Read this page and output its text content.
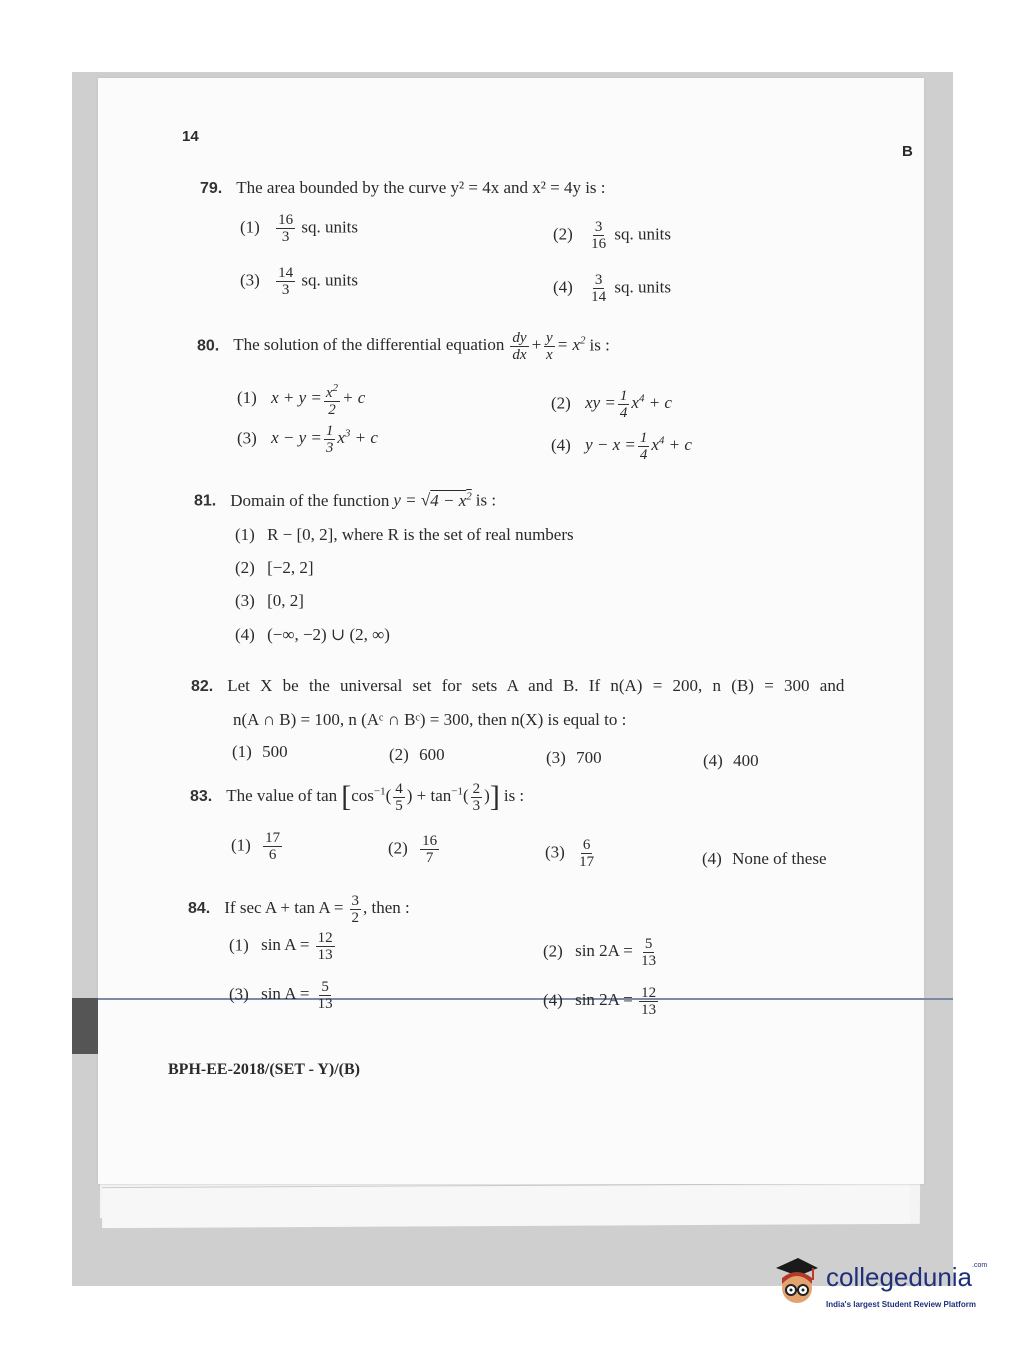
14
B
79. The area bounded by the curve y² = 4x and x² = 4y is :
$(1) \frac{16}{3}$ sq. units	$(2) \frac{3}{16}$ sq. units
$(3) \frac{14}{3}$ sq. units	$(4) \frac{3}{14}$ sq. units
80. The solution of the differential equation $\frac{dy}{dx} + \frac{y}{x} = x^2$ is :
(1) $x + y = \frac{x^2}{2} + c$	(2) xy = $\frac{1}{4} x^4 + c$
(3) $x - y = \frac{1}{3} x^3 + c$	(4) $y - x = \frac{1}{4} x^4 + c$
81. Domain of the function $y = √4 - x^2$ is :
(1) R − [0, 2], where R is the set of real numbers
(2) [−2, 2]
(3) [0, 2]
(4) (−∞, −2) ∪ (2, ∞)
82. Let X be the universal set for sets A and B. If n(A) = 200, n (B) = 300 and
n(A ∩ B) = 100, n (Aᶜ ∩ Bᶜ) = 300, then n(X) is equal to :
(1) 500	(2) 600	(3) 700	(4) 400
83. The value of $\tan [\cos^{-1}( \frac{4}{5}$ ) + $\tan^{-1}( \frac{2}{3}$ )] is :
$(1) \frac{17}{6}$	$(2) \frac{16}{7}$	$(3) \frac{6}{17}$	(4) None of these
84. If $\sec A + \tan A = \frac{3}{2}$ , then :
(1) $\sin A = \frac{12}{13}$	(2) $\sin 2A = \frac{5}{13}$
(3) $\sin A = \frac{5}{13}$	(4) $\sin 2A = \frac{12}{13}$
BPH-EE-2018/(SET - Y)/(B)
collegedunia$^{.com}$
India's largest Student Review Platform
